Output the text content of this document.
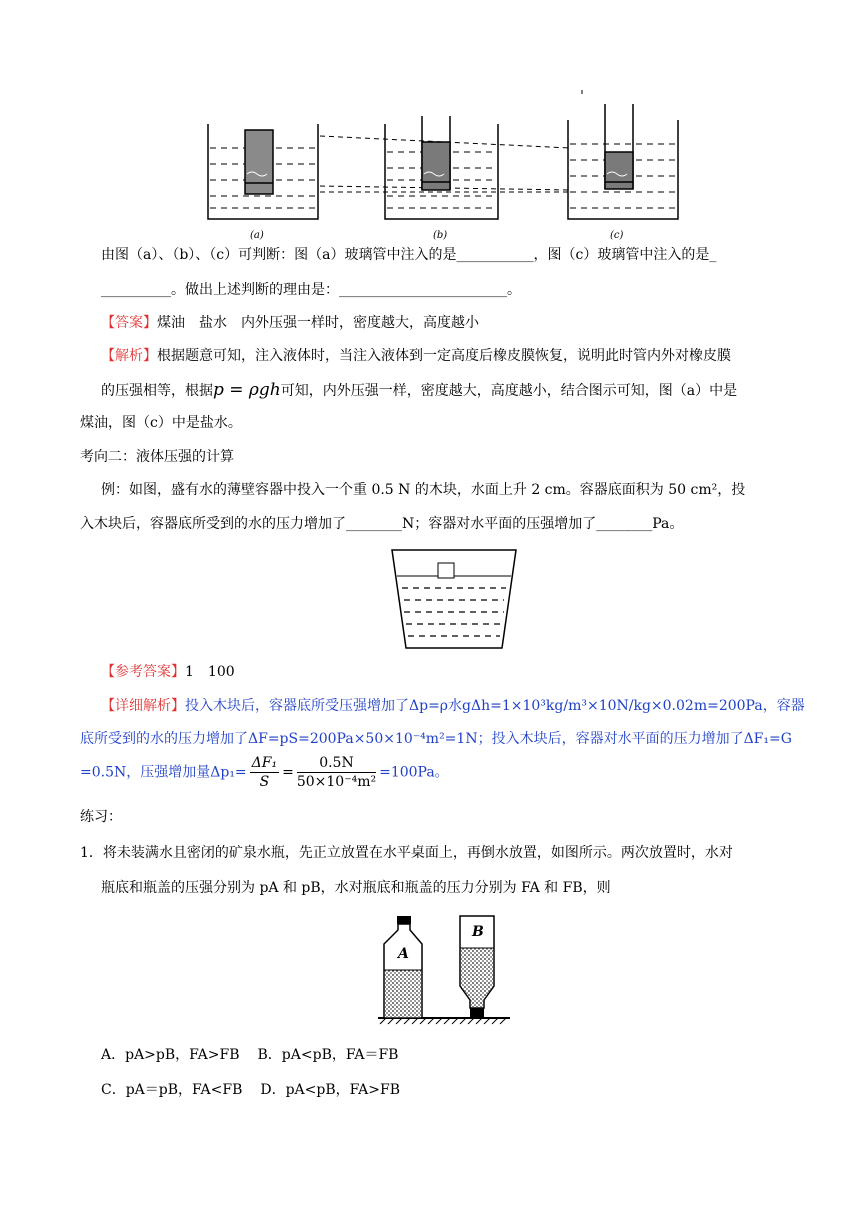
(a)	(b)	(c)
由图（a）、（b）、（c）可判断：图（a）玻璃管中注入的是___________，图（c）玻璃管中注入的是_
__________。做出上述判断的理由是：________________________。
【答案】煤油　盐水　内外压强一样时，密度越大，高度越小
【解析】根据题意可知，注入液体时，当注入液体到一定高度后橡皮膜恢复，说明此时管内外对橡皮膜
的压强相等，根据p = ρgh可知，内外压强一样，密度越大，高度越小，结合图示可知，图（a）中是
煤油，图（c）中是盐水。
考向二：液体压强的计算
例：如图，盛有水的薄壁容器中投入一个重 0.5 N 的木块，水面上升 2 cm。容器底面积为 50 cm²，投
入木块后，容器底所受到的水的压力增加了________N；容器对水平面的压强增加了________Pa。
【参考答案】1　100
【详细解析】投入木块后，容器底所受压强增加了Δp=ρ水gΔh=1×10³kg/m³×10N/kg×0.02m=200Pa，容器
底所受到的水的压力增加了ΔF=pS=200Pa×50×10⁻⁴m²=1N；投入木块后，容器对水平面的压力增加了ΔF₁=G
=0.5N，压强增加量$\Delta p_1= \frac{\text{ΔF₁}}{S} = \frac{0.5N}{\text{50×10⁻⁴m²}} =100Pa$。
练习：
1．将未装满水且密闭的矿泉水瓶，先正立放置在水平桌面上，再倒水放置，如图所示。两次放置时，水对
瓶底和瓶盖的压强分别为 pA 和 pB，水对瓶底和瓶盖的压力分别为 FA 和 FB，则
A
B
A．pA>pB，FA>FB B．pA<pB，FA＝FB
C．pA＝pB，FA<FB D．pA<pB，FA>FB
